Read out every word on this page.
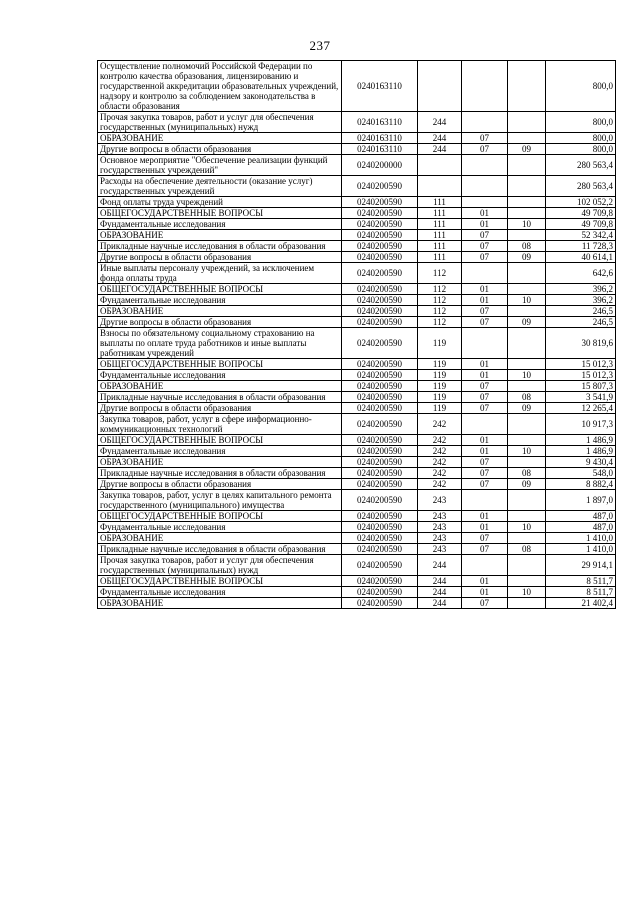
237
Осуществление полномочий Российской Федерации по контролю качества образования, лицензированию и государственной аккредитации образовательных учреждений, надзору и контролю за соблюдением законодательства в области образования	0240163110				800,0
Прочая закупка товаров, работ и услуг для обеспечения государственных (муниципальных) нужд	0240163110	244			800,0
ОБРАЗОВАНИЕ	0240163110	244	07		800,0
Другие вопросы в области образования	0240163110	244	07	09	800,0
Основное мероприятие "Обеспечение реализации функций государственных учреждений"	0240200000				280 563,4
Расходы на обеспечение деятельности (оказание услуг) государственных учреждений	0240200590				280 563,4
Фонд оплаты труда учреждений	0240200590	111			102 052,2
ОБЩЕГОСУДАРСТВЕННЫЕ ВОПРОСЫ	0240200590	111	01		49 709,8
Фундаментальные исследования	0240200590	111	01	10	49 709,8
ОБРАЗОВАНИЕ	0240200590	111	07		52 342,4
Прикладные научные исследования в области образования	0240200590	111	07	08	11 728,3
Другие вопросы в области образования	0240200590	111	07	09	40 614,1
Иные выплаты персоналу учреждений, за исключением фонда оплаты труда	0240200590	112			642,6
ОБЩЕГОСУДАРСТВЕННЫЕ ВОПРОСЫ	0240200590	112	01		396,2
Фундаментальные исследования	0240200590	112	01	10	396,2
ОБРАЗОВАНИЕ	0240200590	112	07		246,5
Другие вопросы в области образования	0240200590	112	07	09	246,5
Взносы по обязательному социальному страхованию на выплаты по оплате труда работников и иные выплаты работникам учреждений	0240200590	119			30 819,6
ОБЩЕГОСУДАРСТВЕННЫЕ ВОПРОСЫ	0240200590	119	01		15 012,3
Фундаментальные исследования	0240200590	119	01	10	15 012,3
ОБРАЗОВАНИЕ	0240200590	119	07		15 807,3
Прикладные научные исследования в области образования	0240200590	119	07	08	3 541,9
Другие вопросы в области образования	0240200590	119	07	09	12 265,4
Закупка товаров, работ, услуг в сфере информационно-коммуникационных технологий	0240200590	242			10 917,3
ОБЩЕГОСУДАРСТВЕННЫЕ ВОПРОСЫ	0240200590	242	01		1 486,9
Фундаментальные исследования	0240200590	242	01	10	1 486,9
ОБРАЗОВАНИЕ	0240200590	242	07		9 430,4
Прикладные научные исследования в области образования	0240200590	242	07	08	548,0
Другие вопросы в области образования	0240200590	242	07	09	8 882,4
Закупка товаров, работ, услуг в целях капитального ремонта государственного (муниципального) имущества	0240200590	243			1 897,0
ОБЩЕГОСУДАРСТВЕННЫЕ ВОПРОСЫ	0240200590	243	01		487,0
Фундаментальные исследования	0240200590	243	01	10	487,0
ОБРАЗОВАНИЕ	0240200590	243	07		1 410,0
Прикладные научные исследования в области образования	0240200590	243	07	08	1 410,0
Прочая закупка товаров, работ и услуг для обеспечения государственных (муниципальных) нужд	0240200590	244			29 914,1
ОБЩЕГОСУДАРСТВЕННЫЕ ВОПРОСЫ	0240200590	244	01		8 511,7
Фундаментальные исследования	0240200590	244	01	10	8 511,7
ОБРАЗОВАНИЕ	0240200590	244	07		21 402,4
